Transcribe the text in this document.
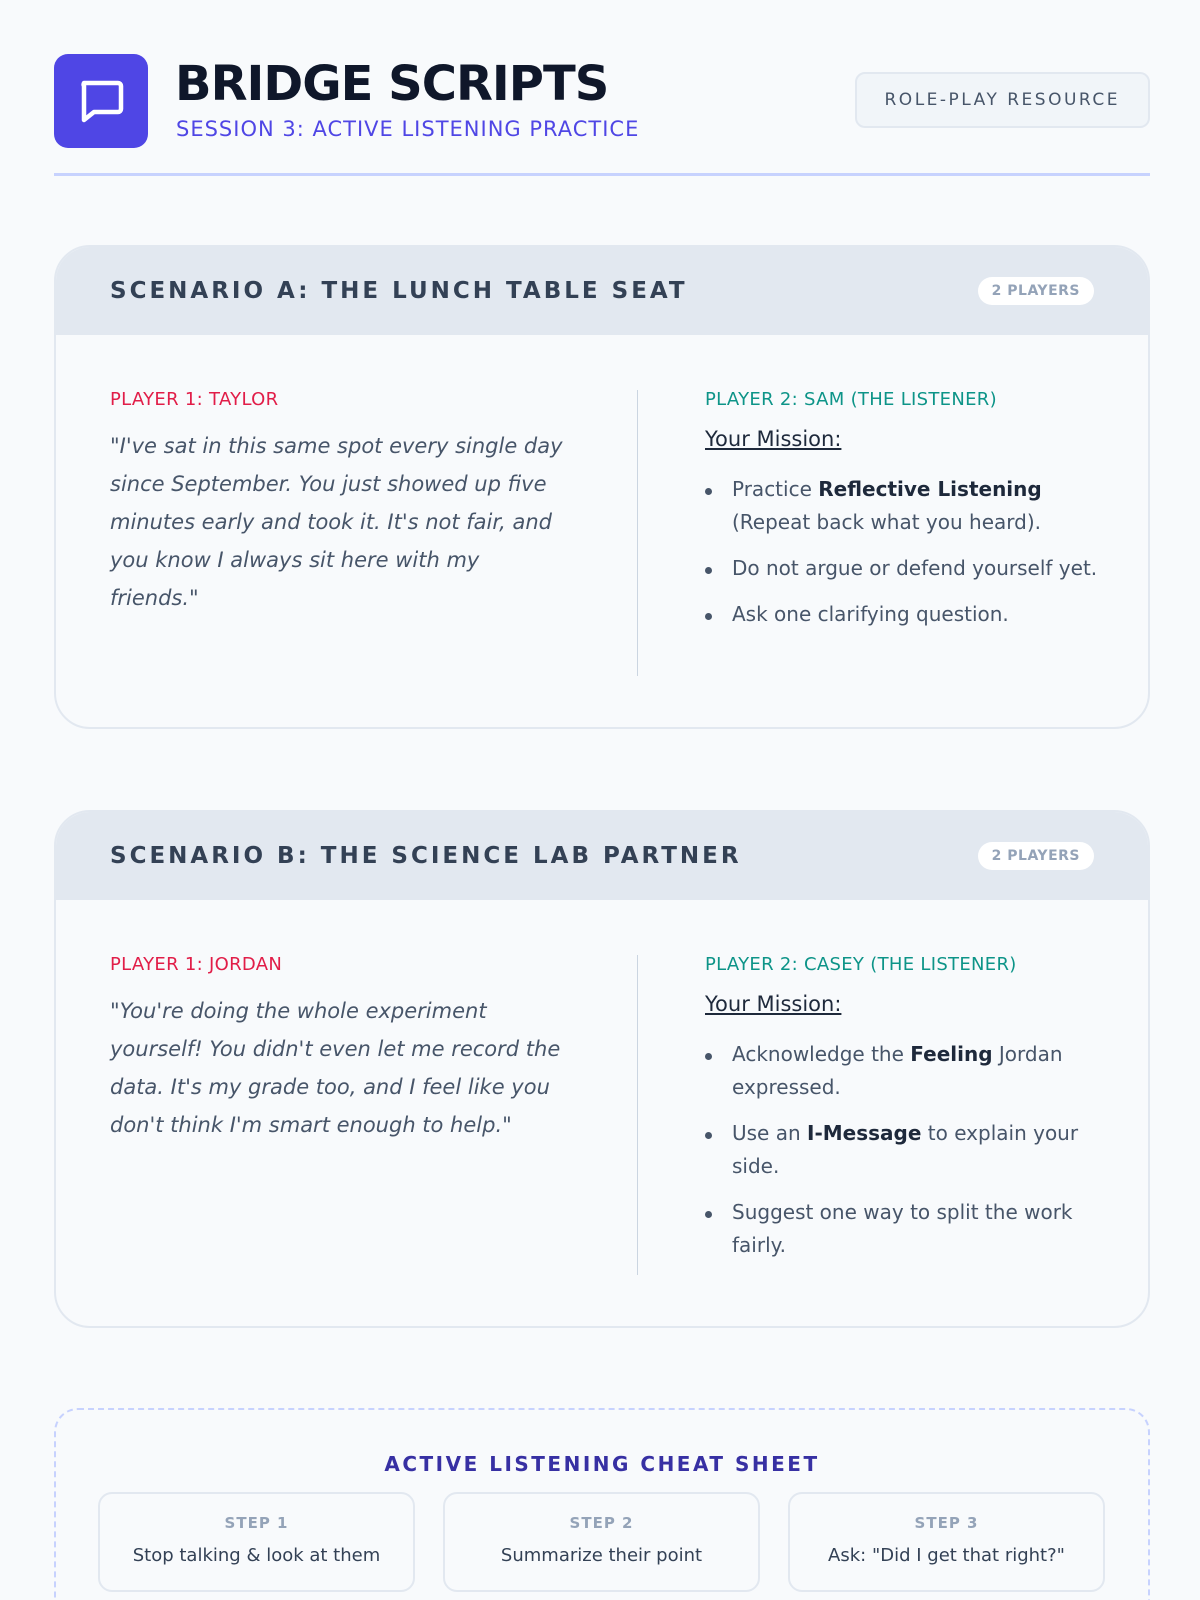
BRIDGE SCRIPTS
SESSION 3: ACTIVE LISTENING PRACTICE
ROLE-PLAY RESOURCE
SCENARIO A: THE LUNCH TABLE SEAT	2 PLAYERS
PLAYER 1: TAYLOR
"I've sat in this same spot every single day since September. You just showed up five minutes early and took it. It's not fair, and you know I always sit here with my friends."
PLAYER 2: SAM (THE LISTENER)
Your Mission:
Practice Reflective Listening (Repeat back what you heard).
Do not argue or defend yourself yet.
Ask one clarifying question.
SCENARIO B: THE SCIENCE LAB PARTNER	2 PLAYERS
PLAYER 1: JORDAN
"You're doing the whole experiment yourself! You didn't even let me record the data. It's my grade too, and I feel like you don't think I'm smart enough to help."
PLAYER 2: CASEY (THE LISTENER)
Your Mission:
Acknowledge the Feeling Jordan expressed.
Use an I-Message to explain your side.
Suggest one way to split the work fairly.
ACTIVE LISTENING CHEAT SHEET
STEP 1
Stop talking & look at them
STEP 2
Summarize their point
STEP 3
Ask: "Did I get that right?"
